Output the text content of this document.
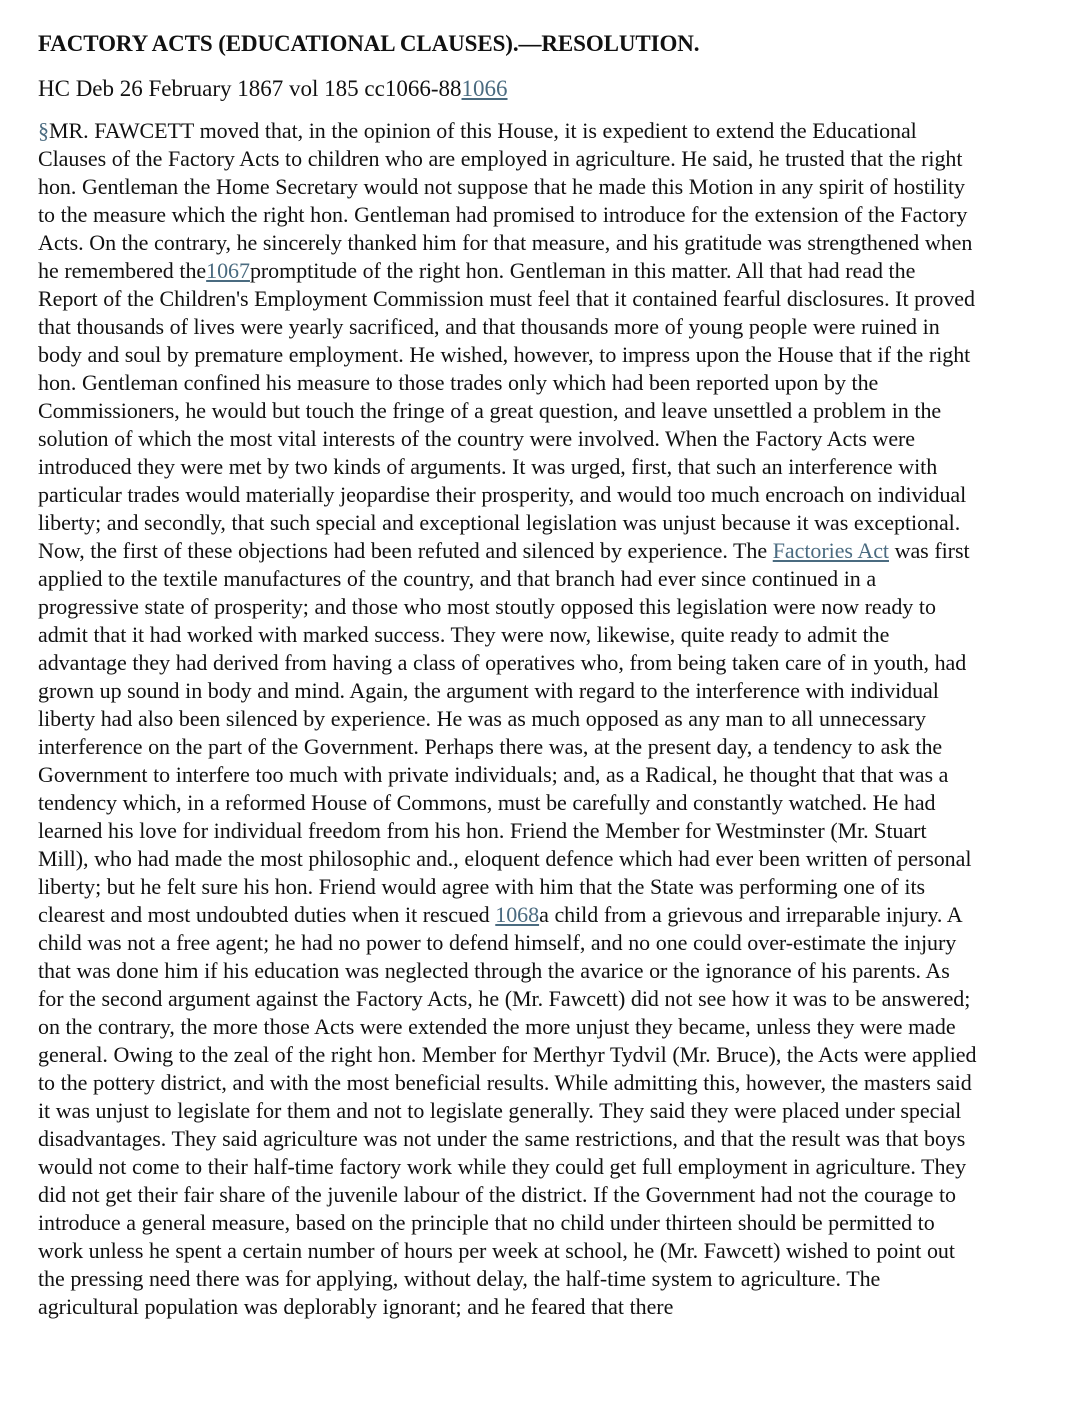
FACTORY ACTS (EDUCATIONAL CLAUSES).—RESOLUTION.
HC Deb 26 February 1867 vol 185 cc1066-881066
§MR. FAWCETT moved that, in the opinion of this House, it is expedient to extend the Educational Clauses of the Factory Acts to children who are employed in agriculture. He said, he trusted that the right hon. Gentleman the Home Secretary would not suppose that he made this Motion in any spirit of hostility to the measure which the right hon. Gentleman had promised to introduce for the extension of the Factory Acts. On the contrary, he sincerely thanked him for that measure, and his gratitude was strengthened when he remembered the1067promptitude of the right hon. Gentleman in this matter. All that had read the Report of the Children's Employment Commission must feel that it contained fearful disclosures. It proved that thousands of lives were yearly sacrificed, and that thousands more of young people were ruined in body and soul by premature employment. He wished, however, to impress upon the House that if the right hon. Gentleman confined his measure to those trades only which had been reported upon by the Commissioners, he would but touch the fringe of a great question, and leave unsettled a problem in the solution of which the most vital interests of the country were involved. When the Factory Acts were introduced they were met by two kinds of arguments. It was urged, first, that such an interference with particular trades would materially jeopardise their prosperity, and would too much encroach on individual liberty; and secondly, that such special and exceptional legislation was unjust because it was exceptional. Now, the first of these objections had been refuted and silenced by experience. The Factories Act was first applied to the textile manufactures of the country, and that branch had ever since continued in a progressive state of prosperity; and those who most stoutly opposed this legislation were now ready to admit that it had worked with marked success. They were now, likewise, quite ready to admit the advantage they had derived from having a class of operatives who, from being taken care of in youth, had grown up sound in body and mind. Again, the argument with regard to the interference with individual liberty had also been silenced by experience. He was as much opposed as any man to all unnecessary interference on the part of the Government. Perhaps there was, at the present day, a tendency to ask the Government to interfere too much with private individuals; and, as a Radical, he thought that that was a tendency which, in a reformed House of Commons, must be carefully and constantly watched. He had learned his love for individual freedom from his hon. Friend the Member for Westminster (Mr. Stuart Mill), who had made the most philosophic and., eloquent defence which had ever been written of personal liberty; but he felt sure his hon. Friend would agree with him that the State was performing one of its clearest and most undoubted duties when it rescued 1068a child from a grievous and irreparable injury. A child was not a free agent; he had no power to defend himself, and no one could over-estimate the injury that was done him if his education was neglected through the avarice or the ignorance of his parents. As for the second argument against the Factory Acts, he (Mr. Fawcett) did not see how it was to be answered; on the contrary, the more those Acts were extended the more unjust they became, unless they were made general. Owing to the zeal of the right hon. Member for Merthyr Tydvil (Mr. Bruce), the Acts were applied to the pottery district, and with the most beneficial results. While admitting this, however, the masters said it was unjust to legislate for them and not to legislate generally. They said they were placed under special disadvantages. They said agriculture was not under the same restrictions, and that the result was that boys would not come to their half-time factory work while they could get full employment in agriculture. They did not get their fair share of the juvenile labour of the district. If the Government had not the courage to introduce a general measure, based on the principle that no child under thirteen should be permitted to work unless he spent a certain number of hours per week at school, he (Mr. Fawcett) wished to point out the pressing need there was for applying, without delay, the half-time system to agriculture. The agricultural population was deplorably ignorant; and he feared that there
